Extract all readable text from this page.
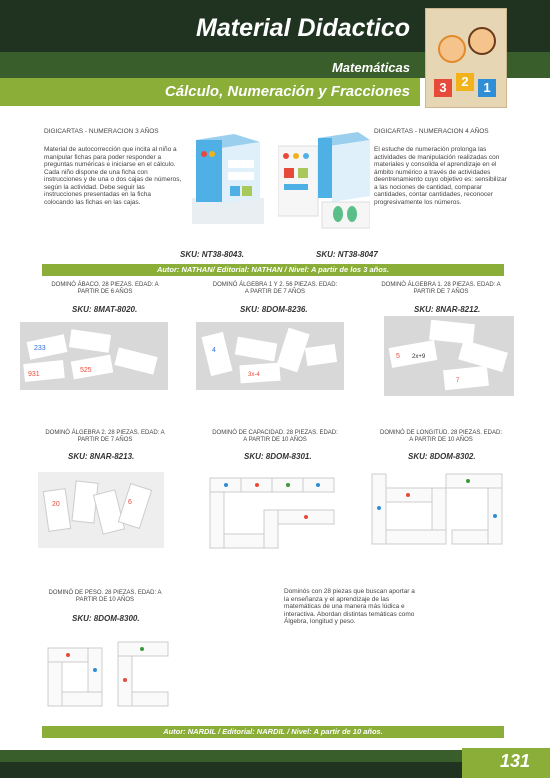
Material Didactico
Matemáticas
Cálculo, Numeración y Fracciones	3	2	1
DIGICARTAS - NUMERACION 3 AÑOS
Material de autocorrección que incita al niño a manipular fichas para poder responder a preguntas numéricas e iniciarse en el cálculo. Cada niño dispone de una ficha con instrucciones y de una o dos cajas de números, según la actividad. Debe seguir las instrucciones presentadas en la ficha colocando las fichas en las cajas.
DIGICARTAS - NUMERACION 4 AÑOS
El estuche de numeración prolonga las actividades de manipulación realizadas con materiales y consolida el aprendizaje en el ámbito numérico a través de actividades deentrenamiento cuyo objetivo es: sensibilizar a las nociones de cantidad, comparar cantidades, contar cantidades, reconocer progresivamente los números.
SKU: NT38-8043.	SKU: NT38-8047
Autor: NATHAN/ Editorial: NATHAN / Nivel: A partir de los 3 años.
DOMINÓ ÁBACO. 28 PIEZAS. EDAD: A PARTIR DE 6 AÑOS
DOMINÓ ÁLGEBRA 1 Y 2. 56 PIEZAS. EDAD: A PARTIR DE 7 AÑOS
DOMINÓ ÁLGEBRA 1. 28 PIEZAS. EDAD: A PARTIR DE 7 AÑOS
SKU: 8MAT-8020.	SKU: 8DOM-8236.	SKU: 8NAR-8212.
233
525
931
4
3x-4
5 2x+9
7
DOMINÓ ÁLGEBRA 2. 28 PIEZAS. EDAD: A PARTIR DE 7 AÑOS
DOMINÓ DE CAPACIDAD. 28 PIEZAS. EDAD: A PARTIR DE 10 AÑOS
DOMINÓ DE LONGITUD. 28 PIEZAS. EDAD: A PARTIR DE 10 AÑOS
SKU: 8NAR-8213.	SKU: 8DOM-8301.	SKU: 8DOM-8302.
20	6
DOMINÓ DE PESO. 28 PIEZAS. EDAD: A PARTIR DE 10 AÑOS
SKU: 8DOM-8300.
Dominós con 28 piezas que buscan aportar a la enseñanza y el aprendizaje de las matemáticas de una manera más lúdica e interactiva. Abordan distintas temáticas como Álgebra, longitud y peso.
Autor: NARDIL / Editorial: NARDIL / Nivel: A partir de 10 años.
131
